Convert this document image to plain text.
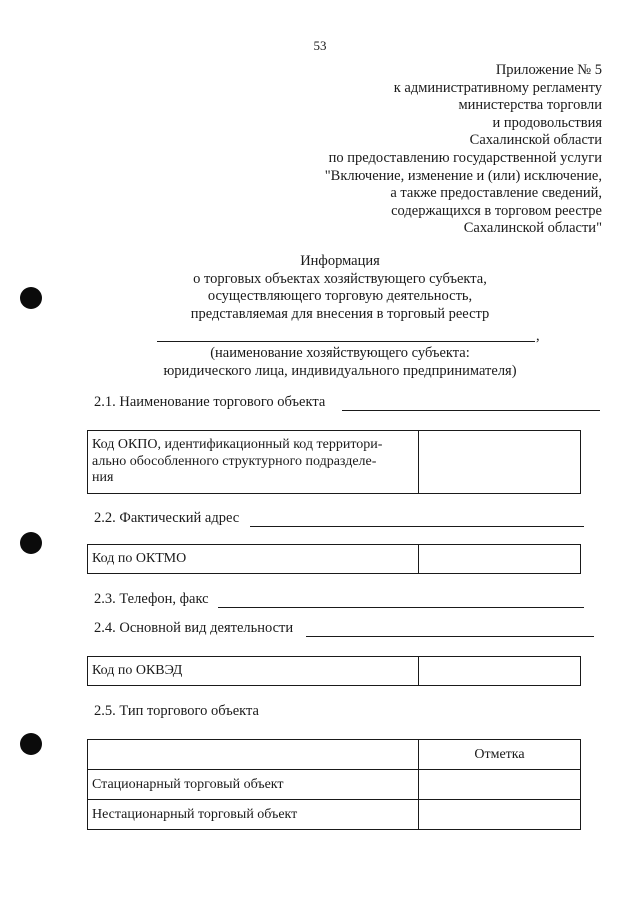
53
Приложение № 5
к административному регламенту
министерства торговли
и продовольствия
Сахалинской области
по предоставлению государственной услуги
"Включение, изменение и (или) исключение,
а также предоставление сведений,
содержащихся в торговом реестре
Сахалинской области"
Информация
о торговых объектах хозяйствующего субъекта,
осуществляющего торговую деятельность,
представляемая для внесения в торговый реестр
,
(наименование хозяйствующего субъекта:
юридического лица, индивидуального предпринимателя)
2.1. Наименование торгового объекта
Код ОКПО, идентификационный код территори-
ально обособленного структурного подразделе-
ния

2.2. Фактический адрес
Код по ОКТМО	
2.3. Телефон, факс
2.4. Основной вид деятельности
Код по ОКВЭД	
2.5. Тип торгового объекта
	Отметка
Стационарный торговый объект	
Нестационарный торговый объект	
